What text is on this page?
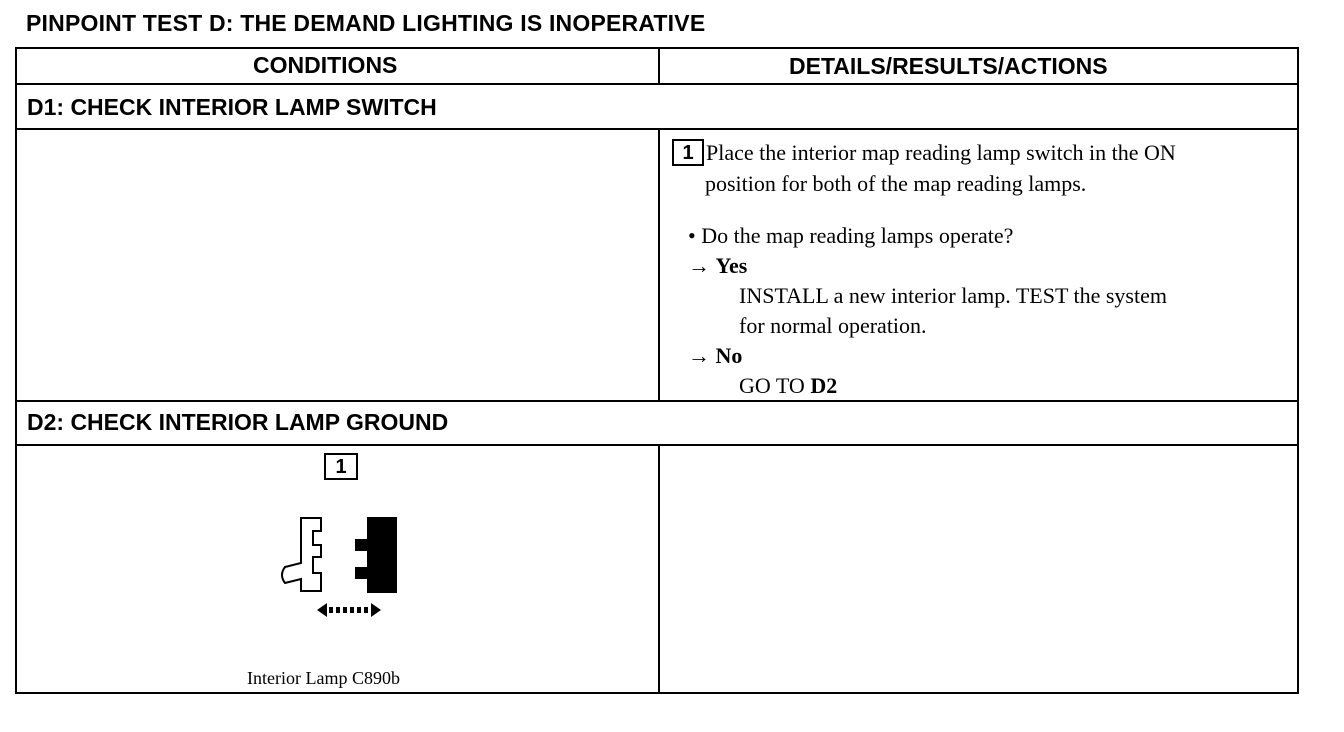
PINPOINT TEST D: THE DEMAND LIGHTING IS INOPERATIVE
CONDITIONS	DETAILS/RESULTS/ACTIONS
D1: CHECK INTERIOR LAMP SWITCH
1 Place the interior map reading lamp switch in the ON
position for both of the map reading lamps.
• Do the map reading lamps operate?
→ Yes
INSTALL a new interior lamp. TEST the system
for normal operation.
→ No
GO TO D2
D2: CHECK INTERIOR LAMP GROUND
1
Interior Lamp C890b
